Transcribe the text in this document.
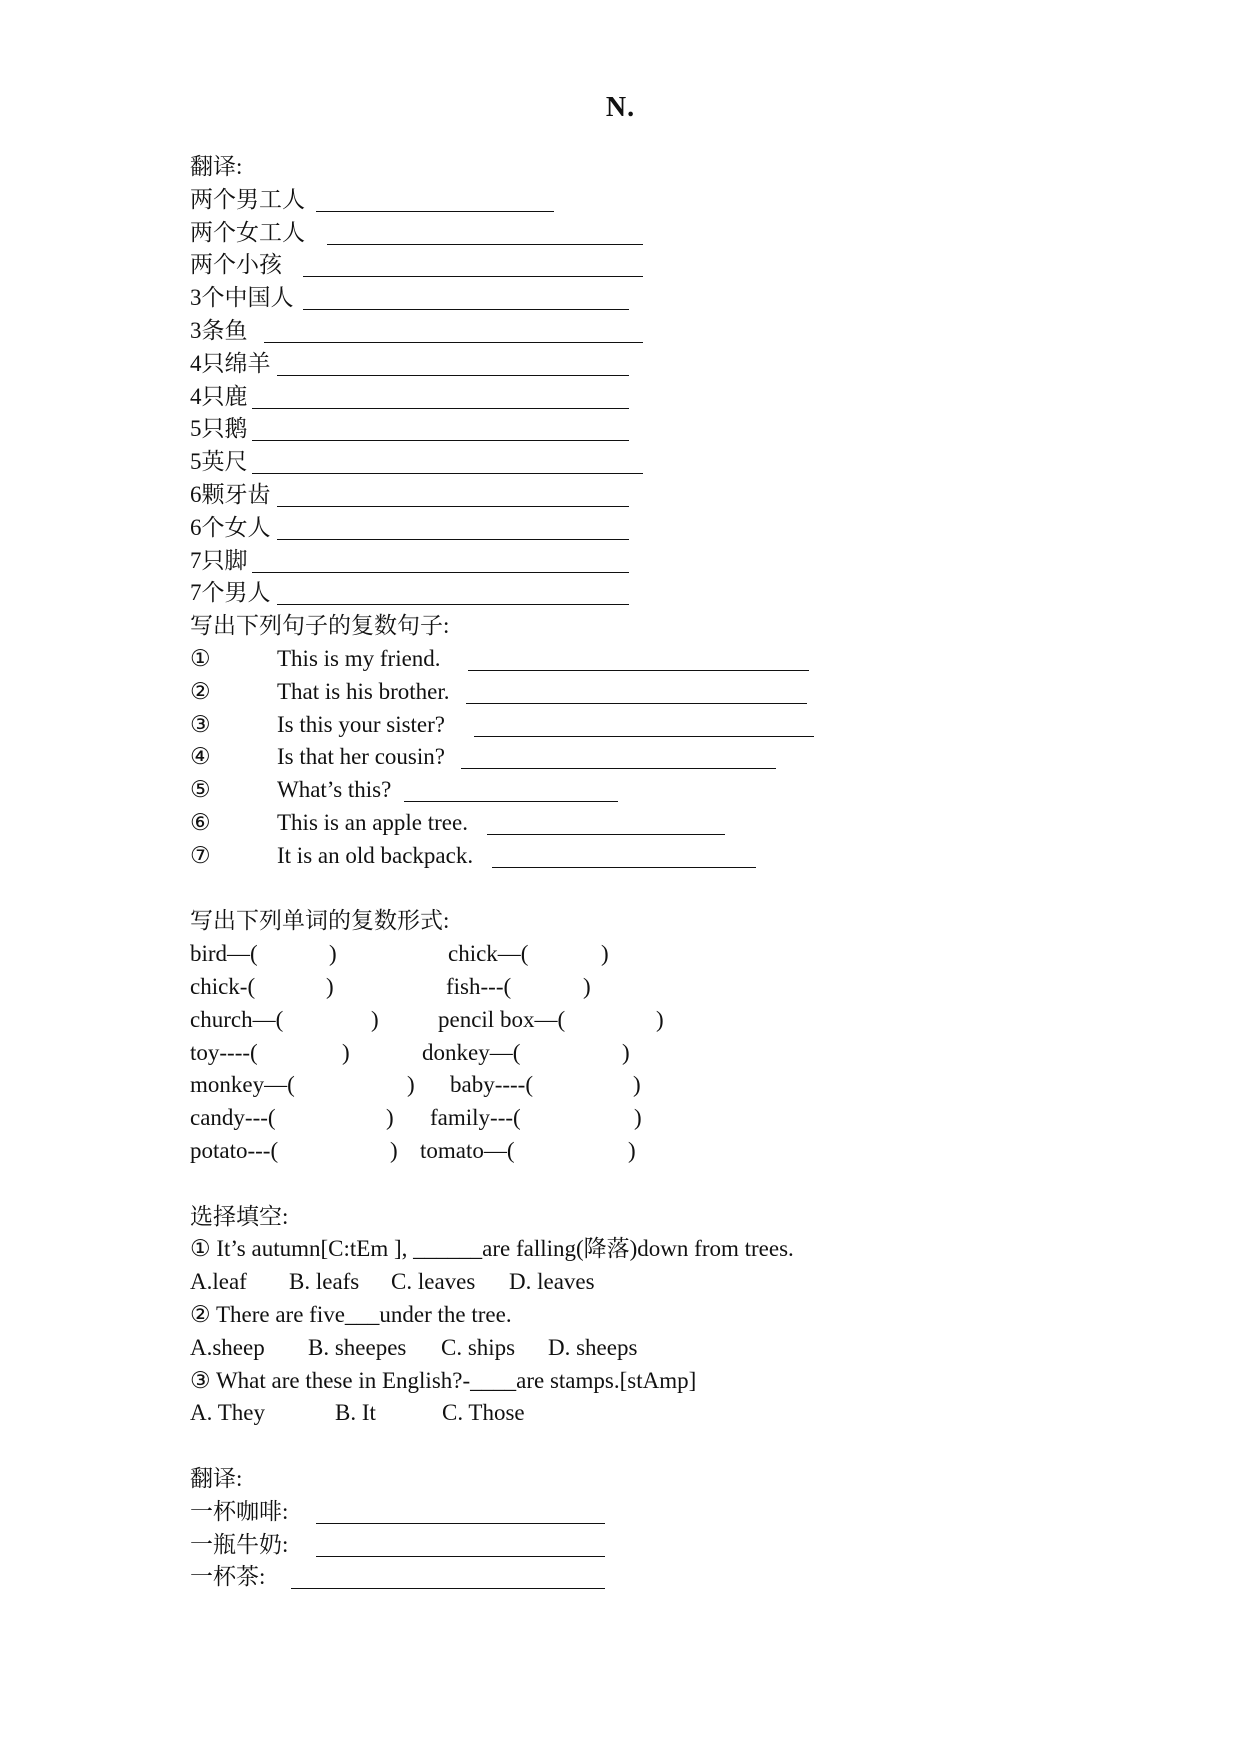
N.
翻译:
两个男工人
两个女工人
两个小孩
3个中国人
3条鱼
4只绵羊
4只鹿
5只鹅
5英尺
6颗牙齿
6个女人
7只脚
7个男人
写出下列句子的复数句子:
①	This is my friend.
②	That is his brother.
③	Is this your sister?
④	Is that her cousin?
⑤	What’s this?
⑥	This is an apple tree.
⑦	It is an old backpack.
写出下列单词的复数形式:
bird—(	)	chick—(	)
chick-(	)	fish---(	)
church—(	)	pencil box—(	)
toy----(	)	donkey—(	)
monkey—(	) baby----(	)
candy---(	) family---(	)
potato---(	) tomato—(	)
选择填空:
① It’s autumn[C:tEm ], ______are falling(降落)down from trees.
A.leaf B. leafs C. leaves D. leaves
② There are five___under the tree.
A.sheep B. sheepes C. ships D. sheeps
③ What are these in English?-____are stamps.[stAmp]
A. They	B. It	C. Those
翻译:
一杯咖啡:
一瓶牛奶:
一杯茶:
